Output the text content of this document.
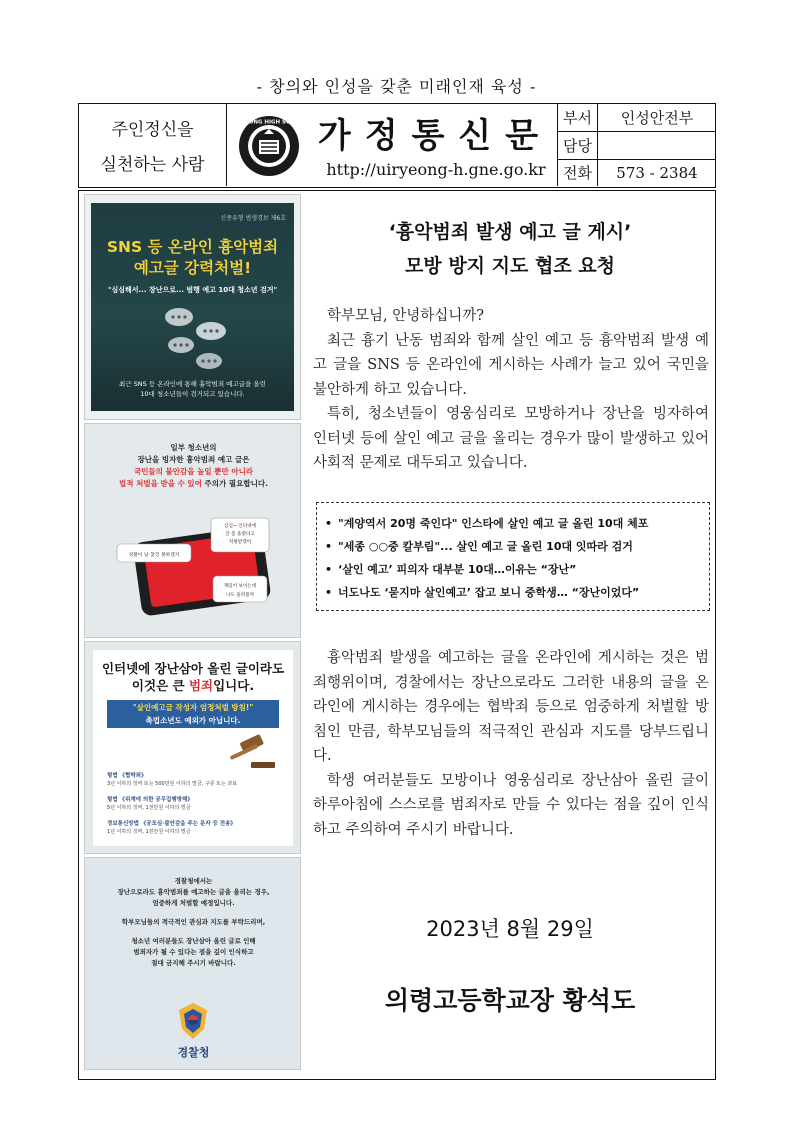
- 창의와 인성을 갖춘 미래인재 육성 -
주인정신을
실천하는 사람
UIRYEONG HIGH SCHOOL 가정통신문
http://uiryeong-h.gne.go.kr
부서	인성안전부
담당
전화	573 - 2384
신종유형 범생경보 제6호
SNS 등 온라인 흉악범죄
예고글 강력처벌!
"심심해서... 장난으로... 범행 예고 10대 청소년 검거"
최근 SNS 등 온라인에 통해 흉악범죄 예고글을 올린
10대 청소년들이 검거되고 있습니다.
일부 청소년의
장난을 빙자한 흉악범죄 예고 글은
국민들의 불안감을 높일 뿐만 아니라
법적 처벌을 받을 수 있어 주의가 필요합니다.
심심~ 인터넷에
글 좀 올렸다고
처벌받겠어
경찰이 날 찾진 못하겠지
재밌어 보이는데
나도 올려볼까
인터넷에 장난삼아 올린 글이라도
이것은 큰 범죄입니다.
"살인예고글 작성자 엄정처벌 방침!"
촉법소년도 예외가 아닙니다.
형법 《협박죄》
3년 이하의 징역 또는 500만원 이하의 벌금, 구류 또는 과료
형법 《위계에 의한 공무집행방해》
5년 이하의 징역, 1천만원 이하의 벌금
정보통신망법 《공포심·불안감을 주는 문자 등 전송》
1년 이하의 징역, 1천만원 이하의 벌금
경찰청에서는
장난으로라도 흉악범죄를 예고하는 글을 올리는 경우,
엄중하게 처벌할 예정입니다.
학부모님들의 적극적인 관심과 지도를 부탁드리며,
청소년 여러분들도 장난삼아 올린 글로 인해
범죄자가 될 수 있다는 점을 깊이 인식하고
절대 금지해 주시기 바랍니다.
경찰청
‘흉악범죄 발생 예고 글 게시’
모방 방지 지도 협조 요청

학부모님, 안녕하십니까?

최근 흉기 난동 범죄와 함께 살인 예고 등 흉악범죄 발생 예고 글을 SNS 등 온라인에 게시하는 사례가 늘고 있어 국민을 불안하게 하고 있습니다.

특히, 청소년들이 영웅심리로 모방하거나 장난을 빙자하여 인터넷 등에 살인 예고 글을 올리는 경우가 많이 발생하고 있어 사회적 문제로 대두되고 있습니다.

• "계양역서 20명 죽인다" 인스타에 살인 예고 글 올린 10대 체포
• "세종 ○○중 칼부림"... 살인 예고 글 올린 10대 잇따라 검거
• ‘살인 예고’ 피의자 대부분 10대…이유는 “장난”
• 너도나도 ‘묻지마 살인예고’ 잡고 보니 중학생… “장난이었다”

흉악범죄 발생을 예고하는 글을 온라인에 게시하는 것은 범죄행위이며, 경찰에서는 장난으로라도 그러한 내용의 글을 온라인에 게시하는 경우에는 협박죄 등으로 엄중하게 처벌할 방침인 만큼, 학부모님들의 적극적인 관심과 지도를 당부드립니다.

학생 여러분들도 모방이나 영웅심리로 장난삼아 올린 글이 하루아침에 스스로를 범죄자로 만들 수 있다는 점을 깊이 인식하고 주의하여 주시기 바랍니다.

2023년 8월 29일
의령고등학교장 황석도
